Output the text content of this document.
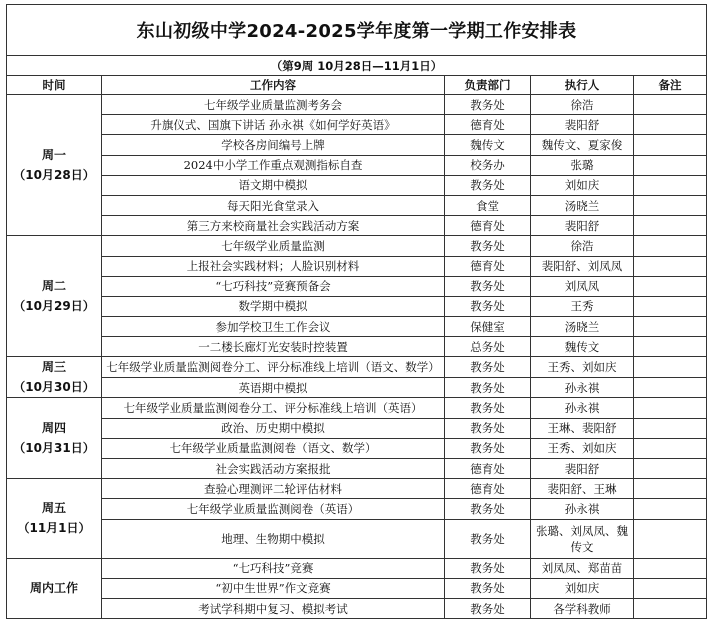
东山初级中学2024-2025学年度第一学期工作安排表				
（第9周 10月28日—11月1日）				
时间	工作内容	负责部门	执行人	备注

周一
（10月28日）	七年级学业质量监测考务会	教务处	徐浩	
	升旗仪式、国旗下讲话 孙永祺《如何学好英语》	德育处	裴阳舒	
	学校各房间编号上牌	魏传文	魏传文、夏家俊	
	2024中小学工作重点观测指标自查	校务办	张璐	
	语文期中模拟	教务处	刘如庆	
	每天阳光食堂录入	食堂	汤晓兰	
	第三方来校商量社会实践活动方案	德育处	裴阳舒	

周二
（10月29日）	七年级学业质量监测	教务处	徐浩	
	上报社会实践材料；人脸识别材料	德育处	裴阳舒、刘凤凤	
	“七巧科技”竞赛预备会	教务处	刘凤凤	
	数学期中模拟	教务处	王秀	
	参加学校卫生工作会议	保健室	汤晓兰	
	一二楼长廊灯光安装时控装置	总务处	魏传文	

周三
（10月30日）	七年级学业质量监测阅卷分工、评分标准线上培训（语文、数学）	教务处	王秀、刘如庆	
	英语期中模拟	教务处	孙永祺	

周四
（10月31日）	七年级学业质量监测阅卷分工、评分标准线上培训（英语）	教务处	孙永祺	
	政治、历史期中模拟	教务处	王琳、裴阳舒	
	七年级学业质量监测阅卷（语文、数学）	教务处	王秀、刘如庆	
	社会实践活动方案报批	德育处	裴阳舒	

周五
（11月1日）	查验心理测评二轮评估材料	德育处	裴阳舒、王琳	
	七年级学业质量监测阅卷（英语）	教务处	孙永祺	
	地理、生物期中模拟	教务处	张璐、刘凤凤、魏传文	

周内工作	“七巧科技”竞赛	教务处	刘凤凤、郑苗苗	
	“初中生世界”作文竞赛	教务处	刘如庆	
	考试学科期中复习、模拟考试	教务处	各学科教师	
